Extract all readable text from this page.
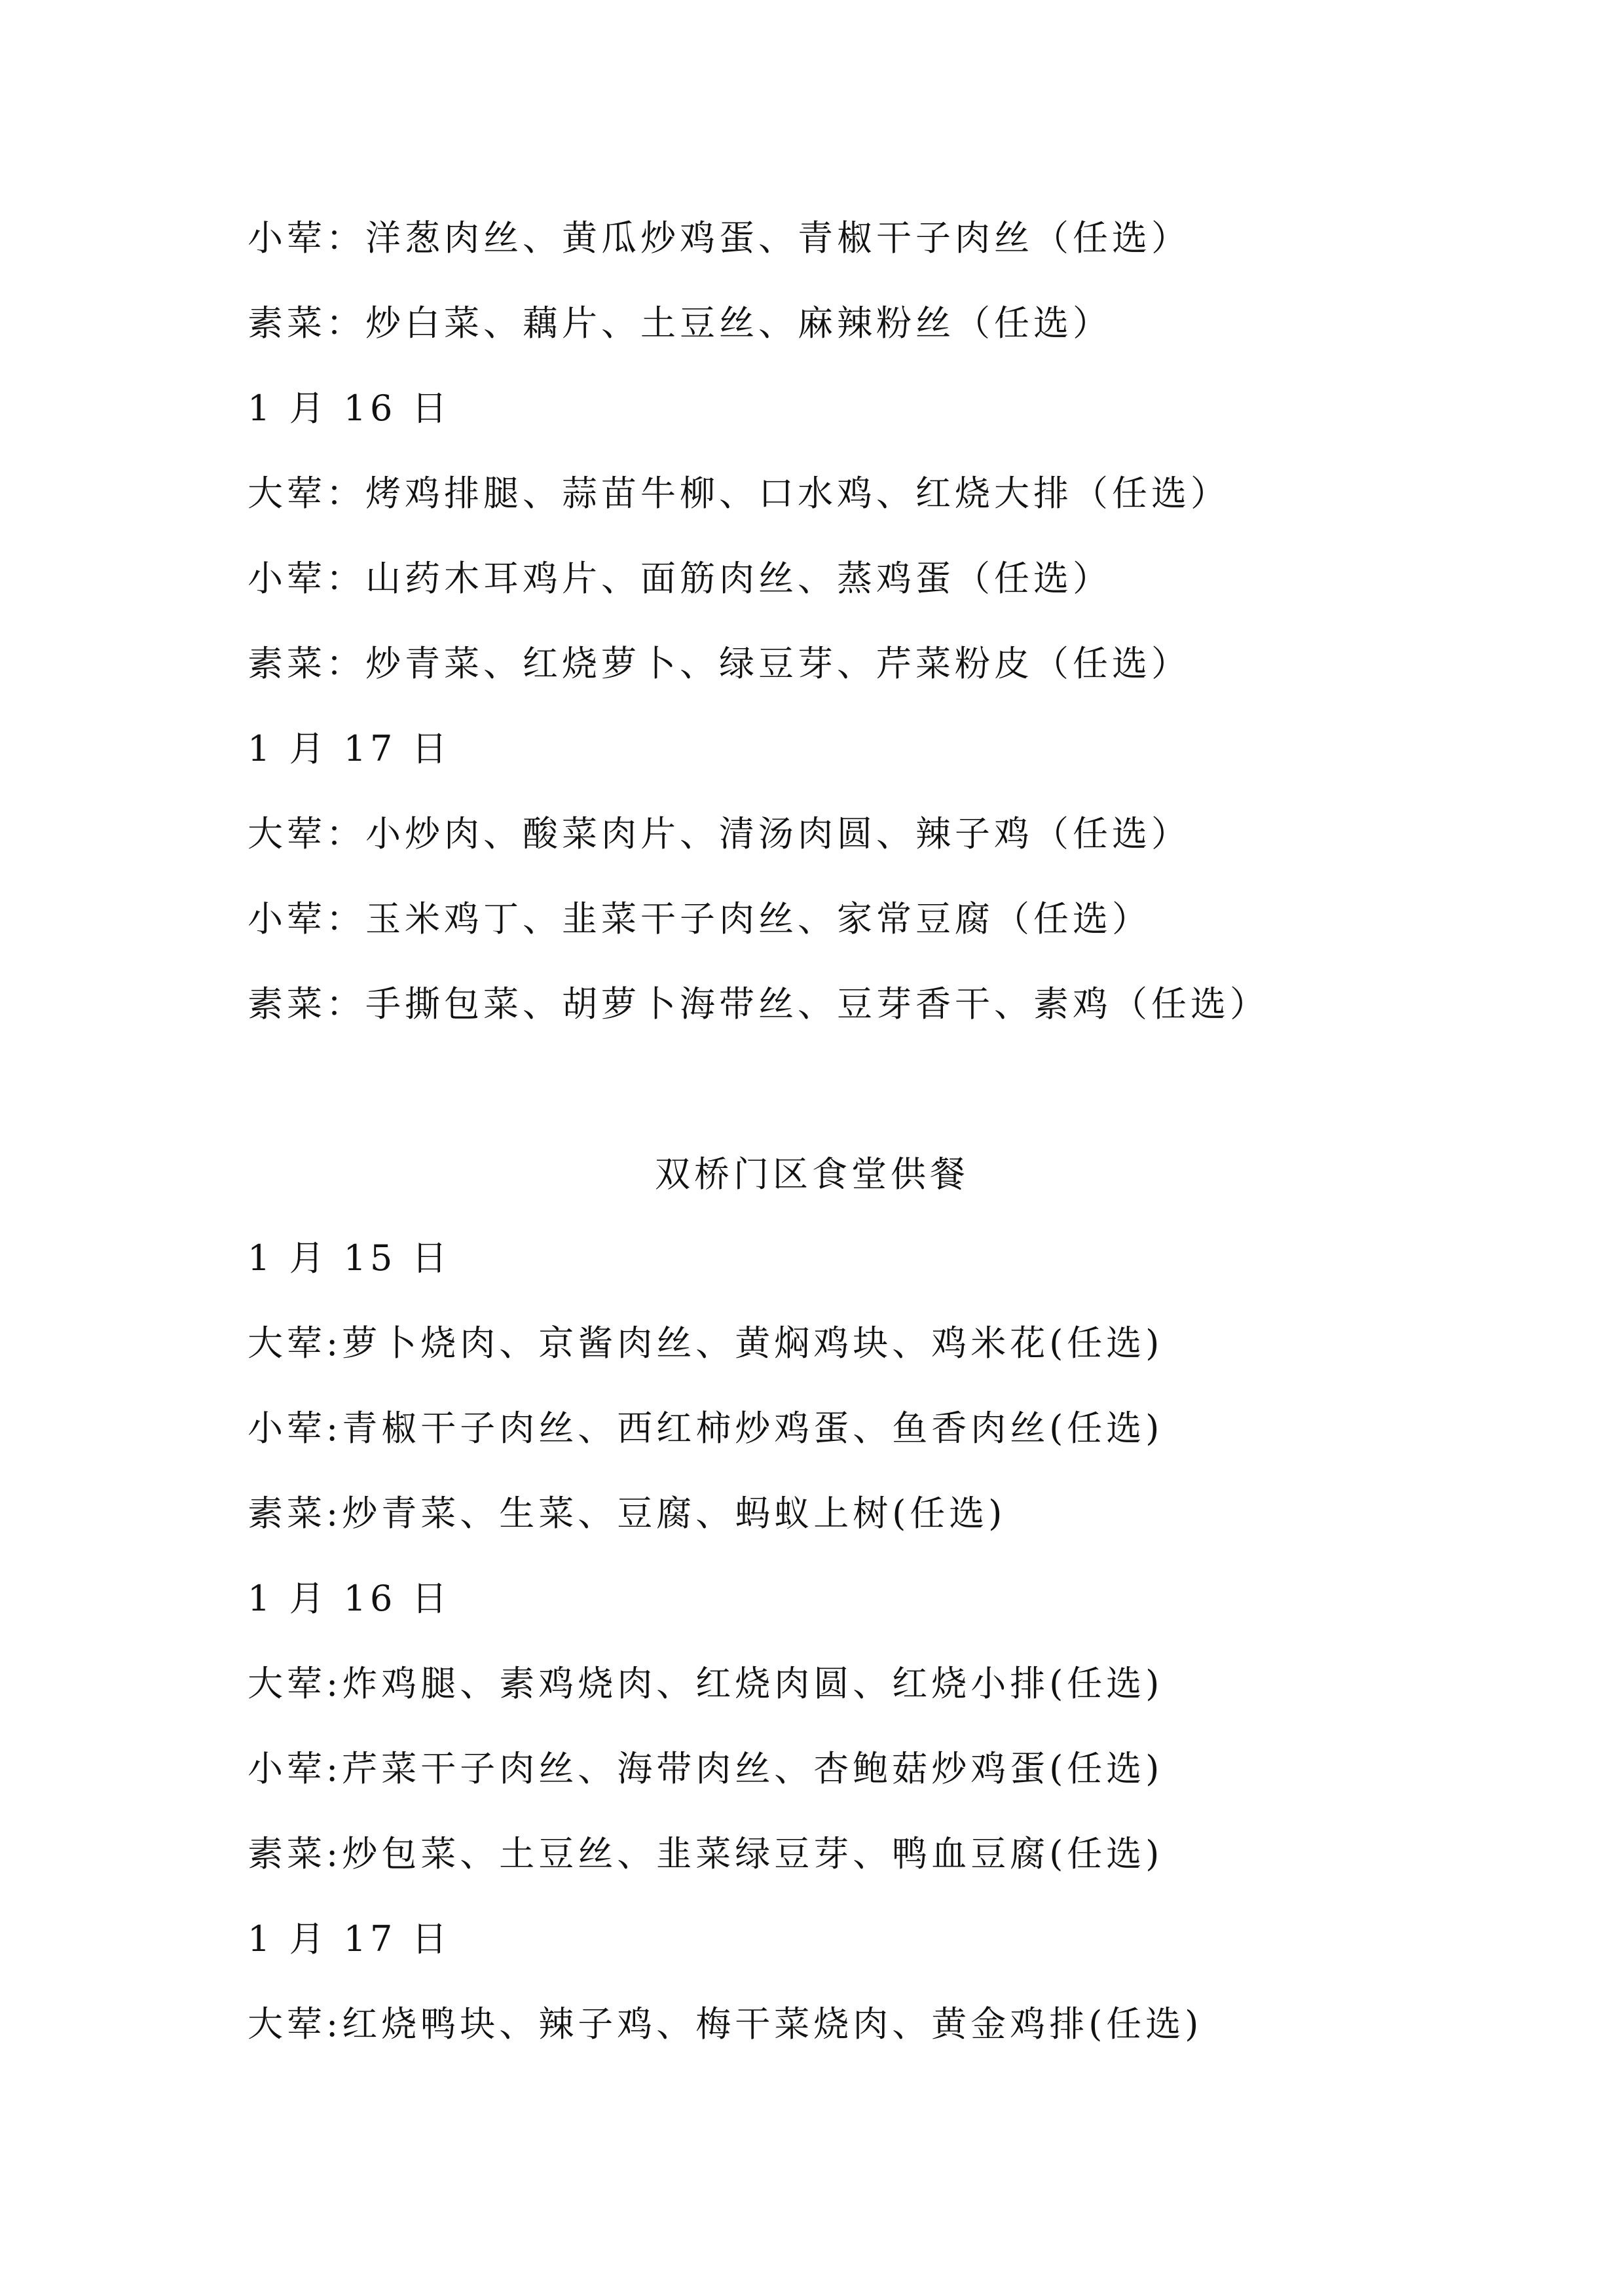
小荤：洋葱肉丝、黄瓜炒鸡蛋、青椒干子肉丝（任选）
素菜：炒白菜、藕片、土豆丝、麻辣粉丝（任选）
1 月 16 日
大荤：烤鸡排腿、蒜苗牛柳、口水鸡、红烧大排（任选）
小荤：山药木耳鸡片、面筋肉丝、蒸鸡蛋（任选）
素菜：炒青菜、红烧萝卜、绿豆芽、芹菜粉皮（任选）
1 月 17 日
大荤：小炒肉、酸菜肉片、清汤肉圆、辣子鸡（任选）
小荤：玉米鸡丁、韭菜干子肉丝、家常豆腐（任选）
素菜：手撕包菜、胡萝卜海带丝、豆芽香干、素鸡（任选）
双桥门区食堂供餐
1 月 15 日
大荤:萝卜烧肉、京酱肉丝、黄焖鸡块、鸡米花(任选)
小荤:青椒干子肉丝、西红柿炒鸡蛋、鱼香肉丝(任选)
素菜:炒青菜、生菜、豆腐、蚂蚁上树(任选)
1 月 16 日
大荤:炸鸡腿、素鸡烧肉、红烧肉圆、红烧小排(任选)
小荤:芹菜干子肉丝、海带肉丝、杏鲍菇炒鸡蛋(任选)
素菜:炒包菜、土豆丝、韭菜绿豆芽、鸭血豆腐(任选)
1 月 17 日
大荤:红烧鸭块、辣子鸡、梅干菜烧肉、黄金鸡排(任选)
